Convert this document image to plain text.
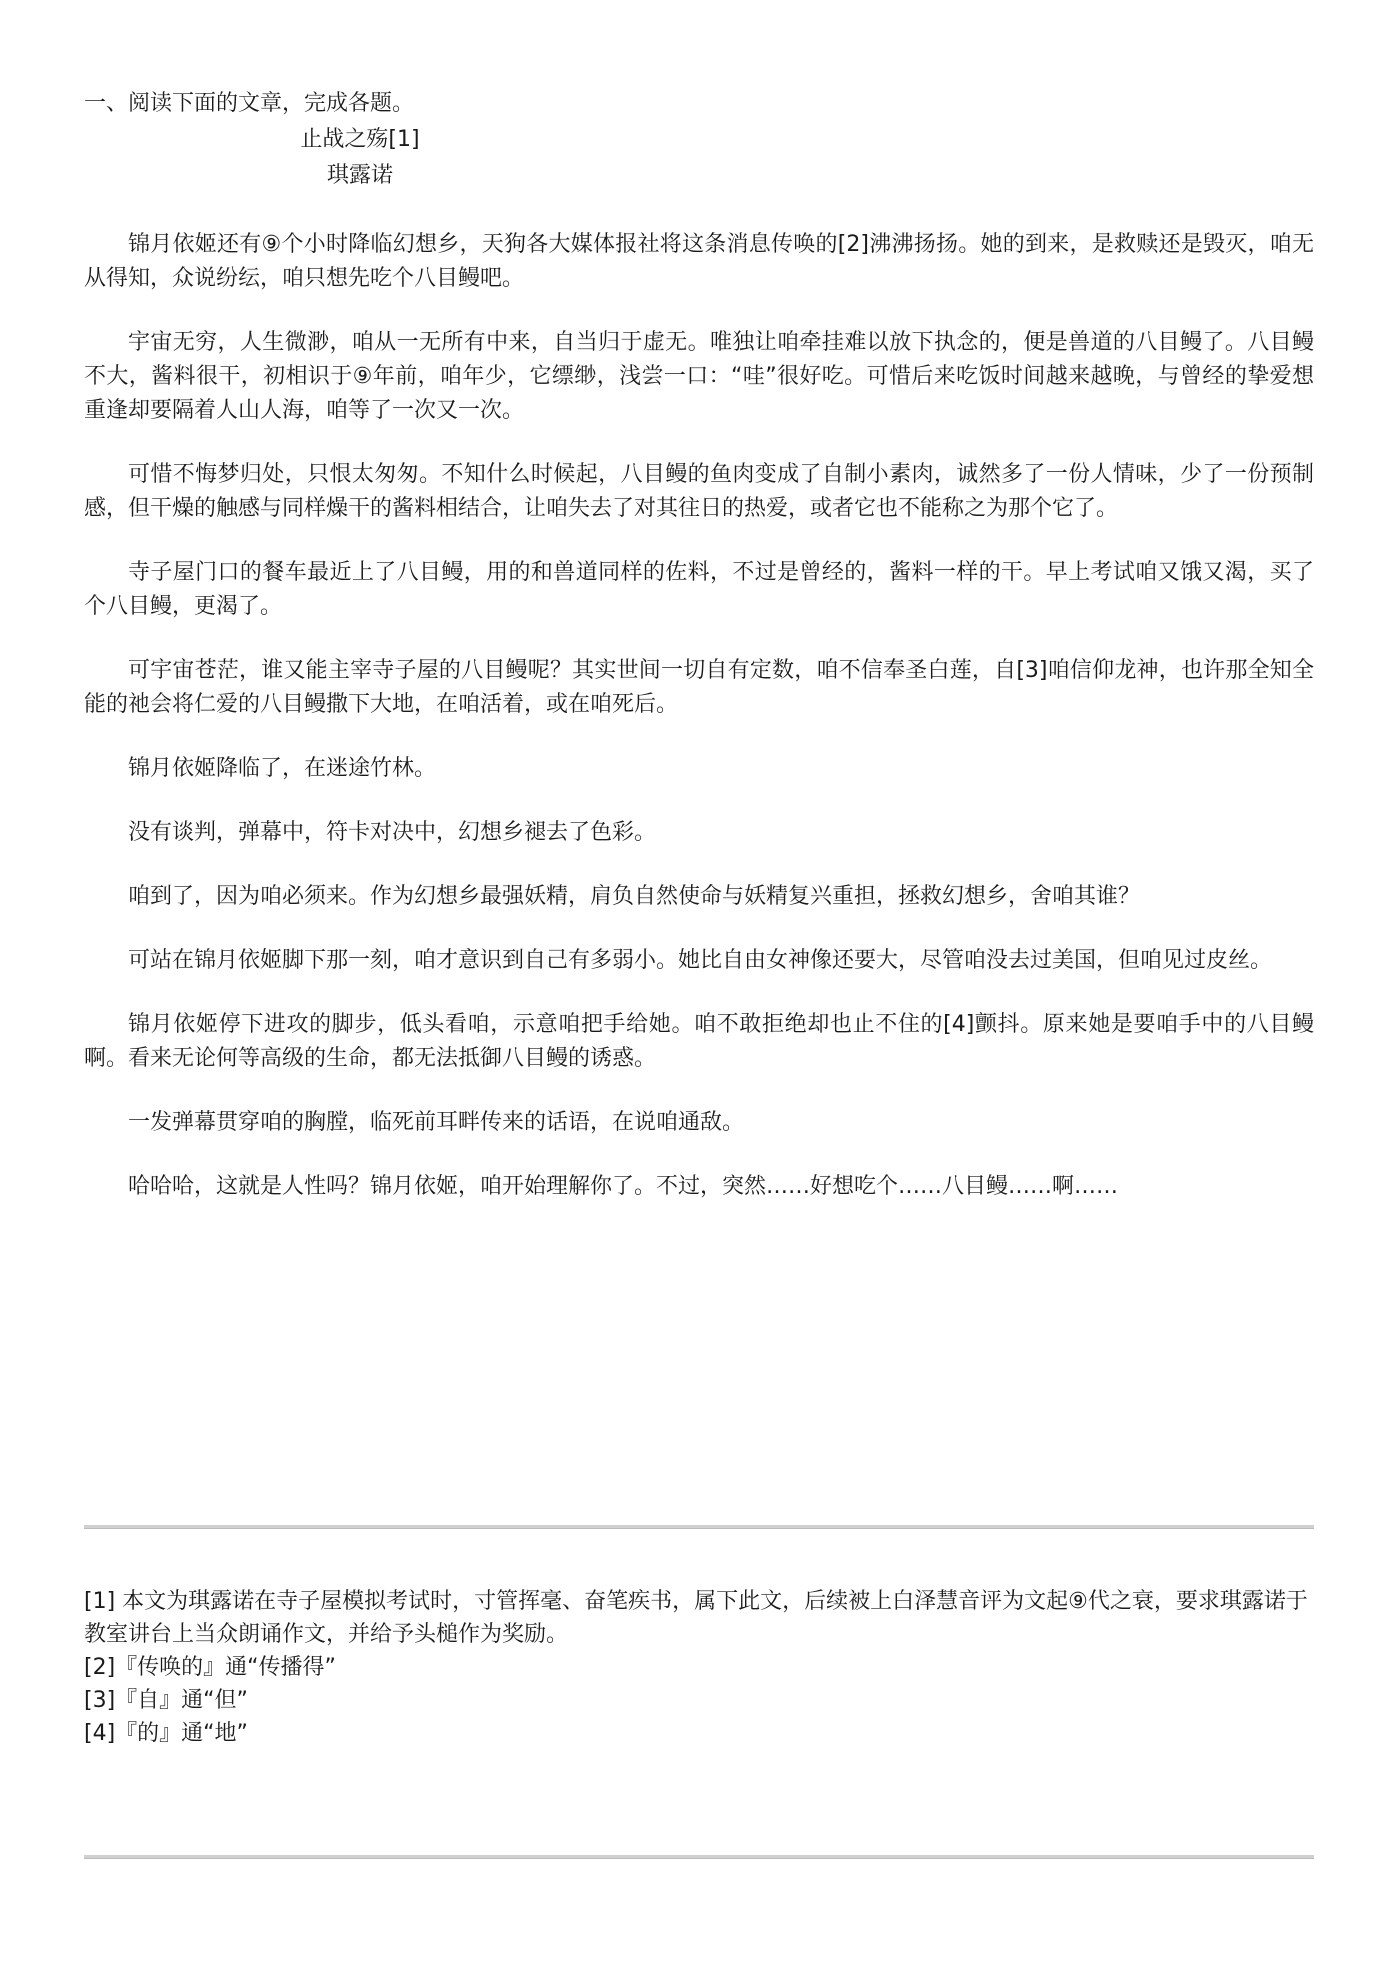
一、阅读下面的文章，完成各题。
止战之殇[1]
琪露诺

锦月依姬还有⑨个小时降临幻想乡，天狗各大媒体报社将这条消息传唤的[2]沸沸扬扬。她的到来，是救赎还是毁灭，咱无从得知，众说纷纭，咱只想先吃个八目鳗吧。

宇宙无穷，人生微渺，咱从一无所有中来，自当归于虚无。唯独让咱牵挂难以放下执念的，便是兽道的八目鳗了。八目鳗不大，酱料很干，初相识于⑨年前，咱年少，它缥缈，浅尝一口：“哇”很好吃。可惜后来吃饭时间越来越晚，与曾经的挚爱想重逢却要隔着人山人海，咱等了一次又一次。

可惜不悔梦归处，只恨太匆匆。不知什么时候起，八目鳗的鱼肉变成了自制小素肉，诚然多了一份人情味，少了一份预制感，但干燥的触感与同样燥干的酱料相结合，让咱失去了对其往日的热爱，或者它也不能称之为那个它了。

寺子屋门口的餐车最近上了八目鳗，用的和兽道同样的佐料，不过是曾经的，酱料一样的干。早上考试咱又饿又渴，买了个八目鳗，更渴了。

可宇宙苍茫，谁又能主宰寺子屋的八目鳗呢？其实世间一切自有定数，咱不信奉圣白莲，自[3]咱信仰龙神，也许那全知全能的祂会将仁爱的八目鳗撒下大地，在咱活着，或在咱死后。

锦月依姬降临了，在迷途竹林。

没有谈判，弹幕中，符卡对决中，幻想乡褪去了色彩。

咱到了，因为咱必须来。作为幻想乡最强妖精，肩负自然使命与妖精复兴重担，拯救幻想乡，舍咱其谁？

可站在锦月依姬脚下那一刻，咱才意识到自己有多弱小。她比自由女神像还要大，尽管咱没去过美国，但咱见过皮丝。

锦月依姬停下进攻的脚步，低头看咱，示意咱把手给她。咱不敢拒绝却也止不住的[4]颤抖。原来她是要咱手中的八目鳗啊。看来无论何等高级的生命，都无法抵御八目鳗的诱惑。

一发弹幕贯穿咱的胸膛，临死前耳畔传来的话语，在说咱通敌。

哈哈哈，这就是人性吗？锦月依姬，咱开始理解你了。不过，突然……好想吃个……八目鳗……啊……

[1] 本文为琪露诺在寺子屋模拟考试时，寸管挥毫、奋笔疾书，属下此文，后续被上白泽慧音评为文起⑨代之衰，要求琪露诺于教室讲台上当众朗诵作文，并给予头槌作为奖励。

[2]『传唤的』通“传播得”

[3]『自』通“但”

[4]『的』通“地”
